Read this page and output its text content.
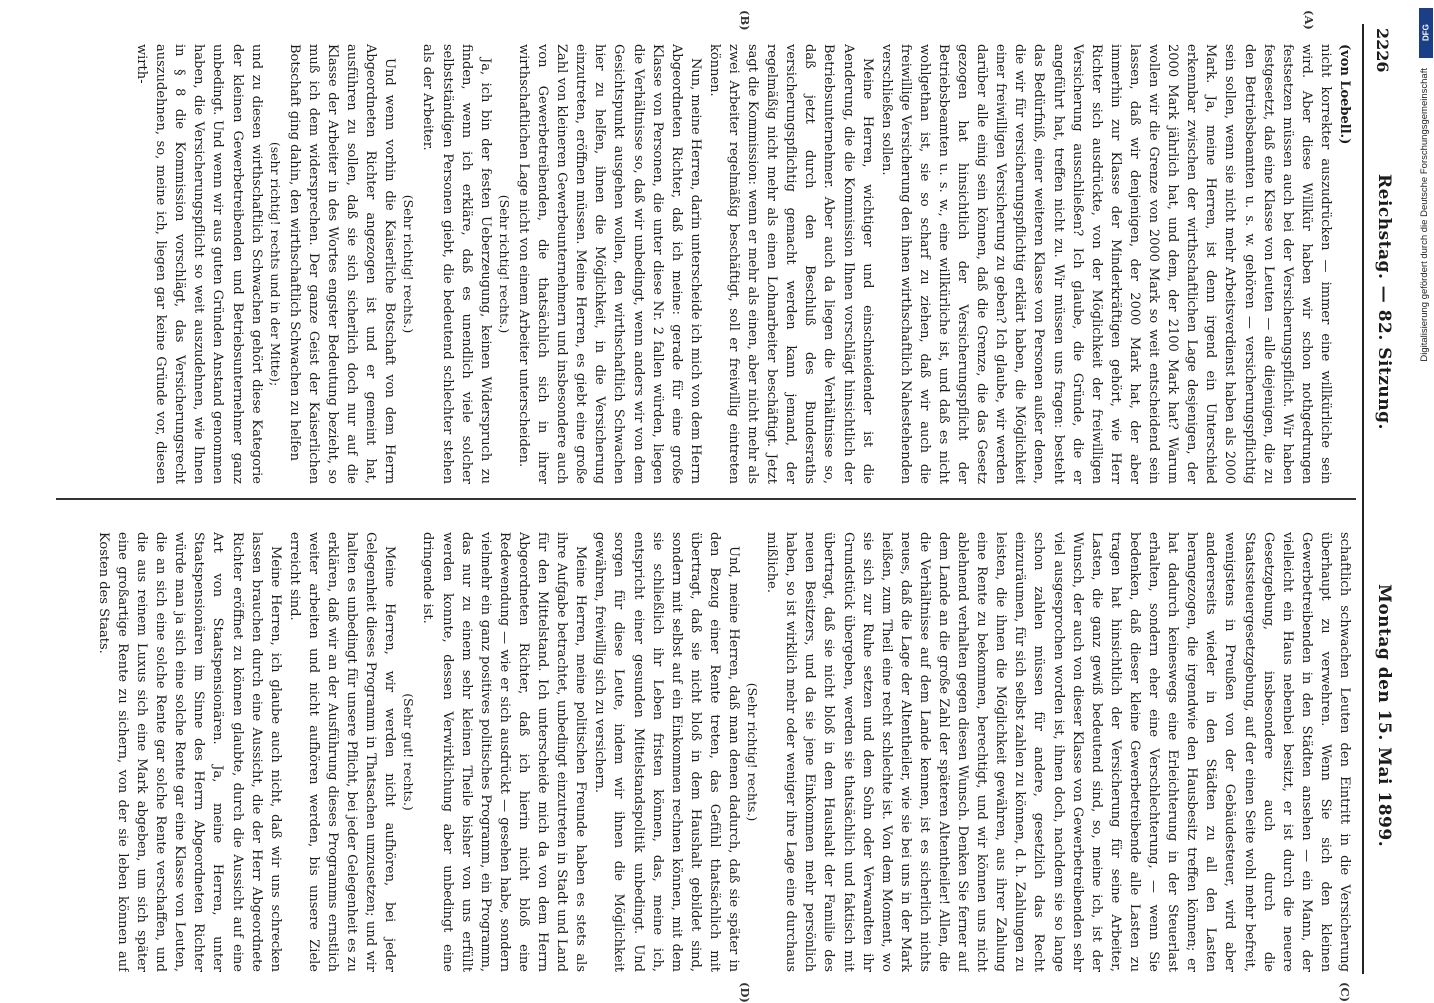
2226
Reichstag. — 82. Sitzung.
Montag den 15. Mai 1899.
(A)
(B)
(C)
(D)

(von Loebell.)

nicht korrekter auszudrücken — immer eine willkürliche sein wird. Aber diese Willkür haben wir schon nothgedrungen festsetzen müssen auch bei der Versicherungspflicht. Wir haben festgesetzt, daß eine Klasse von Leuten — alle diejenigen, die zu den Betriebsbeamten u. s. w. gehören — versicherungspflichtig sein sollen, wenn sie nicht mehr Arbeitsverdienst haben als 2000 Mark. Ja, meine Herren, ist denn irgend ein Unterschied erkennbar zwischen der wirthschaftlichen Lage desjenigen, der 2000 Mark jährlich hat, und dem, der 2100 Mark hat? Warum wollen wir die Grenze von 2000 Mark so weit entscheidend sein lassen, daß wir denjenigen, der 2000 Mark hat, der aber immerhin zur Klasse der Minderkräftigen gehört, wie Herr Richter sich ausdrückte, von der Möglichkeit der freiwilligen Versicherung ausschließen? Ich glaube, die Gründe, die er angeführt hat, treffen nicht zu. Wir müssen uns fragen: besteht das Bedürfniß, einer weiteren Klasse von Personen außer denen, die wir für versicherungspflichtig erklärt haben, die Möglichkeit einer freiwilligen Versicherung zu geben? Ich glaube, wir werden darüber alle einig sein können, daß die Grenze, die das Gesetz gezogen hat hinsichtlich der Versicherungspflicht der Betriebsbeamten u. s. w., eine willkürliche ist, und daß es nicht wohlgethan ist, sie so scharf zu ziehen, daß wir auch die freiwillige Versicherung den ihnen wirthschaftlich Nahestehenden verschließen sollen.

Meine Herren, wichtiger und einschneidender ist die Aenderung, die die Kommission Ihnen vorschlägt hinsichtlich der Betriebsunternehmer. Aber auch da liegen die Verhältnisse so, daß jetzt durch den Beschluß des Bundesraths versicherungspflichtig gemacht werden kann jemand, der regelmäßig nicht mehr als einen Lohnarbeiter beschäftigt. Jetzt sagt die Kommission: wenn er mehr als einen, aber nicht mehr als zwei Arbeiter regelmäßig beschäftigt, soll er freiwillig eintreten können.

Nun, meine Herren, darin unterscheide ich mich von dem Herrn Abgeordneten Richter, daß ich meine: gerade für eine große Klasse von Personen, die unter diese Nr. 2 fallen würden, liegen die Verhältnisse so, daß wir unbedingt, wenn anders wir von dem Gesichtspunkt ausgehen wollen, den wirthschaftlich Schwachen hier zu helfen, ihnen die Möglichkeit, in die Versicherung einzutreten, eröffnen müssen. Meine Herren, es giebt eine große Zahl von kleineren Gewerbeunternehmern und insbesondere auch von Gewerbetreibenden, die thatsächlich sich in ihrer wirthschaftlichen Lage nicht von einem Arbeiter unterscheiden.

(Sehr richtig! rechts.)

Ja, ich bin der festen Ueberzeugung, keinen Widerspruch zu finden, wenn ich erkläre, daß es unendlich viele solcher selbstständigen Personen giebt, die bedeutend schlechter stehen als der Arbeiter.

(Sehr richtig! rechts.)

Und wenn vorhin die Kaiserliche Botschaft von dem Herrn Abgeordneten Richter angezogen ist und er gemeint hat, ausführen zu sollen, daß sie sich sicherlich doch nur auf die Klasse der Arbeiter in des Wortes engster Bedeutung bezieht, so muß ich dem widersprechen. Der ganze Geist der Kaiserlichen Botschaft ging dahin, den wirthschaftlich Schwachen zu helfen

(sehr richtig! rechts und in der Mitte);

und zu diesen wirthschaftlich Schwachen gehört diese Kategorie der kleinen Gewerbetreibenden und Betriebsunternehmer ganz unbedingt. Und wenn wir aus guten Gründen Anstand genommen haben, die Versicherungspflicht so weit auszudehnen, wie Ihnen in § 8 die Kommission vorschlägt, das Versicherungsrecht auszudehnen, so, meine ich, liegen gar keine Gründe vor, diesen wirth-

schaftlich schwachen Leuten den Eintritt in die Versicherung überhaupt zu verwehren. Wenn Sie sich den kleinen Gewerbetreibenden in den Städten ansehen — ein Mann, der vielleicht ein Haus nebenbei besitzt, er ist durch die neuere Gesetzgebung, insbesondere auch durch die Staatssteuergesetzgebung, auf der einen Seite wohl mehr befreit, wenigstens in Preußen von der Gebäudesteuer, wird aber andererseits wieder in den Städten zu all den Lasten herangezogen, die irgendwie den Hausbesitz treffen können; er hat dadurch keineswegs eine Erleichterung in der Steuerlast erhalten, sondern eher eine Verschlechterung, — wenn Sie bedenken, daß dieser kleine Gewerbetreibende alle Lasten zu tragen hat hinsichtlich der Versicherung für seine Arbeiter, Lasten, die ganz gewiß bedeutend sind, so, meine ich, ist der Wunsch, der auch von dieser Klasse von Gewerbetreibenden sehr viel ausgesprochen worden ist, ihnen doch, nachdem sie so lange schon zahlen müssen für andere, gesetzlich das Recht einzuräumen, für sich selbst zahlen zu können, d. h. Zahlungen zu leisten, die ihnen die Möglichkeit gewähren, aus ihrer Zahlung eine Rente zu bekommen, berechtigt, und wir können uns nicht ablehnend verhalten gegen diesen Wunsch. Denken Sie ferner auf dem Lande an die große Zahl der späteren Altentheiler! Allen, die die Verhältnisse auf dem Lande kennen, ist es sicherlich nichts neues, daß die Lage der Altentheiler, wie sie bei uns in der Mark heißen, zum Theil eine recht schlechte ist. Von dem Moment, wo sie sich zur Ruhe setzen und dem Sohn oder Verwandten ihr Grundstück übergeben, werden sie thatsächlich und faktisch mit übertragt, daß sie nicht bloß in dem Haushalt der Familie des neuen Besitzers, und da sie jene Einkommen mehr persönlich haben, so ist wirklich mehr oder weniger ihre Lage eine durchaus mißliche.

(Sehr richtig! rechts.)

Und, meine Herren, daß man denen dadurch, daß sie später in den Bezug einer Rente treten, das Gefühl thatsächlich mit übertragt, daß sie nicht bloß in dem Haushalt gebildet sind, sondern mit selbst auf ein Einkommen rechnen können, mit dem sie schließlich ihr Leben fristen können, das, meine ich, entspricht einer gesunden Mittelstandspolitik unbedingt. Und sorgen für diese Leute, indem wir ihnen die Möglichkeit gewähren, freiwillig sich zu versichern.

Meine Herren, meine politischen Freunde haben es stets als ihre Aufgabe betrachtet, unbedingt einzutreten in Stadt und Land für den Mittelstand. Ich unterscheide mich da von dem Herrn Abgeordneten Richter, daß ich hierin nicht bloß eine Redewendung — wie er sich ausdrückt — gesehen habe, sondern vielmehr ein ganz positives politisches Programm, ein Programm, das nur zu einem sehr kleinen Theile bisher von uns erfüllt werden konnte, dessen Verwirklichung aber unbedingt eine dringende ist.

(Sehr gut! rechts.)

Meine Herren, wir werden nicht aufhören, bei jeder Gelegenheit dieses Programm in Thatsachen umzusetzen; und wir halten es unbedingt für unsere Pflicht, bei jeder Gelegenheit es zu erklären, daß wir an der Ausführung dieses Programms ernstlich weiter arbeiten und nicht aufhören werden, bis unsere Ziele erreicht sind.

Meine Herren, ich glaube auch nicht, daß wir uns schrecken lassen brauchen durch eine Aussicht, die der Herr Abgeordnete Richter eröffnet zu können glaubte, durch die Aussicht auf eine Art von Staatspensionären. Ja, meine Herren, unter Staatspensionären im Sinne des Herrn Abgeordneten Richter würde man ja sich eine solche Rente gar eine Klasse von Leuten, die an sich eine solche Rente gar solche Rente verschaffen, und die aus reinem Luxus sich eine Mark abgeben, um sich später eine großartige Rente zu sichern, von der sie leben können auf Kosten des Staats.

DFG
Digitalisierung gefördert durch die Deutsche Forschungsgemeinschaft
